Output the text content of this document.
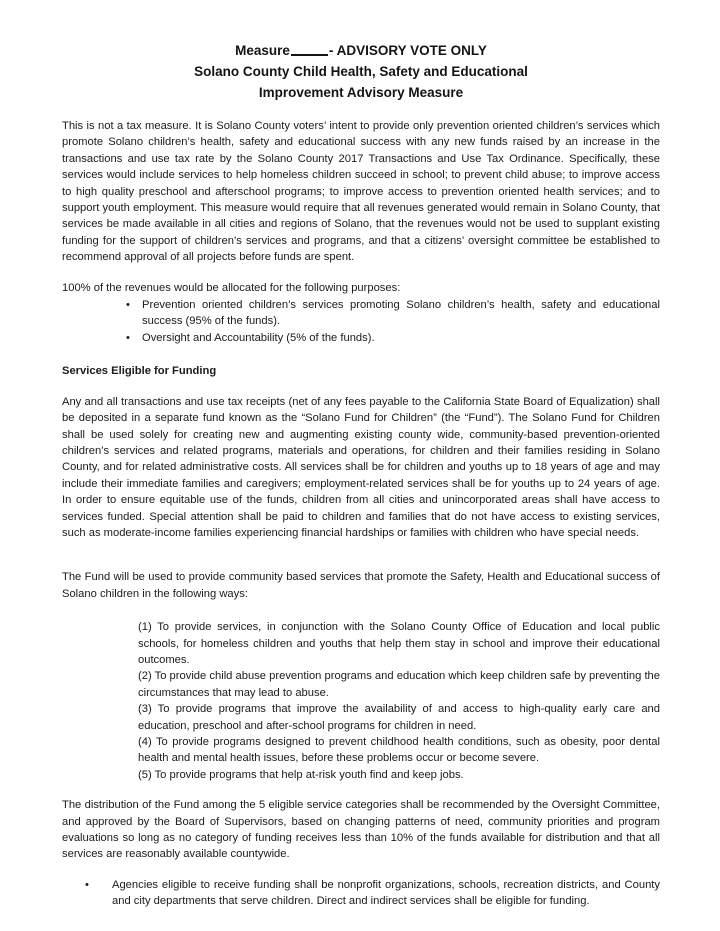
Measure	- ADVISORY VOTE ONLY
Solano County Child Health, Safety and Educational
Improvement Advisory Measure

This is not a tax measure. It is Solano County voters’ intent to provide only prevention oriented children’s services which promote Solano children’s health, safety and educational success with any new funds raised by an increase in the transactions and use tax rate by the Solano County 2017 Transactions and Use Tax Ordinance. Specifically, these services would include services to help homeless children succeed in school; to prevent child abuse; to improve access to high quality preschool and afterschool programs; to improve access to prevention oriented health services; and to support youth employment. This measure would require that all revenues generated would remain in Solano County, that services be made available in all cities and regions of Solano, that the revenues would not be used to supplant existing funding for the support of children’s services and programs, and that a citizens’ oversight committee be established to recommend approval of all projects before funds are spent.

100% of the revenues would be allocated for the following purposes:

•	Prevention oriented children’s services promoting Solano children’s health, safety and educational success (95% of the funds).
•	Oversight and Accountability (5% of the funds).
Services Eligible for Funding

Any and all transactions and use tax receipts (net of any fees payable to the California State Board of Equalization) shall be deposited in a separate fund known as the “Solano Fund for Children” (the “Fund”). The Solano Fund for Children shall be used solely for creating new and augmenting existing county wide, community-based prevention-oriented children’s services and related programs, materials and operations, for children and their families residing in Solano County, and for related administrative costs. All services shall be for children and youths up to 18 years of age and may include their immediate families and caregivers; employment-related services shall be for youths up to 24 years of age. In order to ensure equitable use of the funds, children from all cities and unincorporated areas shall have access to services funded. Special attention shall be paid to children and families that do not have access to existing services, such as moderate-income families experiencing financial hardships or families with children who have special needs.

The Fund will be used to provide community based services that promote the Safety, Health and Educational success of Solano children in the following ways:

(1) To provide services, in conjunction with the Solano County Office of Education and local public schools, for homeless children and youths that help them stay in school and improve their educational outcomes.
(2) To provide child abuse prevention programs and education which keep children safe by preventing the circumstances that may lead to abuse.
(3) To provide programs that improve the availability of and access to high-quality early care and education, preschool and after-school programs for children in need.
(4) To provide programs designed to prevent childhood health conditions, such as obesity, poor dental health and mental health issues, before these problems occur or become severe.
(5) To provide programs that help at-risk youth find and keep jobs.

The distribution of the Fund among the 5 eligible service categories shall be recommended by the Oversight Committee, and approved by the Board of Supervisors, based on changing patterns of need, community priorities and program evaluations so long as no category of funding receives less than 10% of the funds available for distribution and that all services are reasonably available countywide.

•	Agencies eligible to receive funding shall be nonprofit organizations, schools, recreation districts, and County and city departments that serve children. Direct and indirect services shall be eligible for funding.
